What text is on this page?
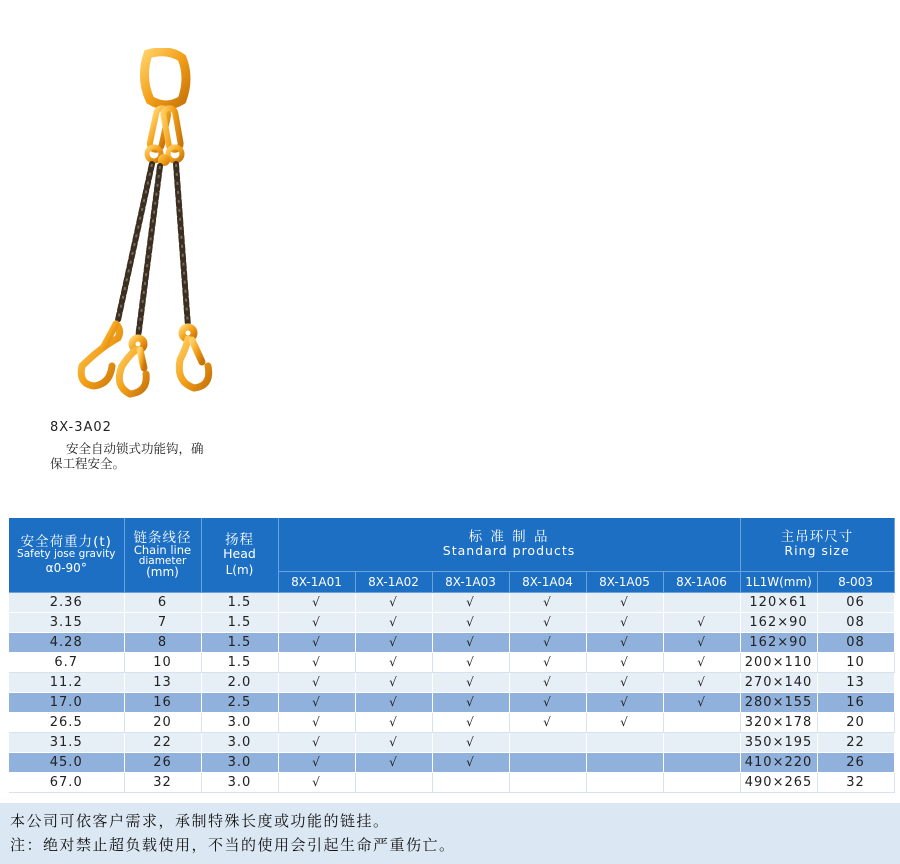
8X-3A02
安全自动锁式功能钩，确
保工程安全。
安全荷重力(t)
Safety jose gravity
α0-90°	链条线径
Chain line
diameter
(mm)	扬程
Head
L(m)	标 准 制 品
Standard products						主吊环尺寸
Ring size	

			8X-1A01	8X-1A02	8X-1A03	8X-1A04	8X-1A05	8X-1A06	1L1W(mm)	8-003
2.36	6	1.5	√	√	√	√	√		120×61	06
3.15	7	1.5	√	√	√	√	√	√	162×90	08
4.28	8	1.5	√	√	√	√	√	√	162×90	08
6.7	10	1.5	√	√	√	√	√	√	200×110	10
11.2	13	2.0	√	√	√	√	√	√	270×140	13
17.0	16	2.5	√	√	√	√	√	√	280×155	16
26.5	20	3.0	√	√	√	√	√		320×178	20
31.5	22	3.0	√	√	√				350×195	22
45.0	26	3.0	√	√	√				410×220	26
67.0	32	3.0	√						490×265	32
本公司可依客户需求，承制特殊长度或功能的链挂。
注：绝对禁止超负载使用，不当的使用会引起生命严重伤亡。
